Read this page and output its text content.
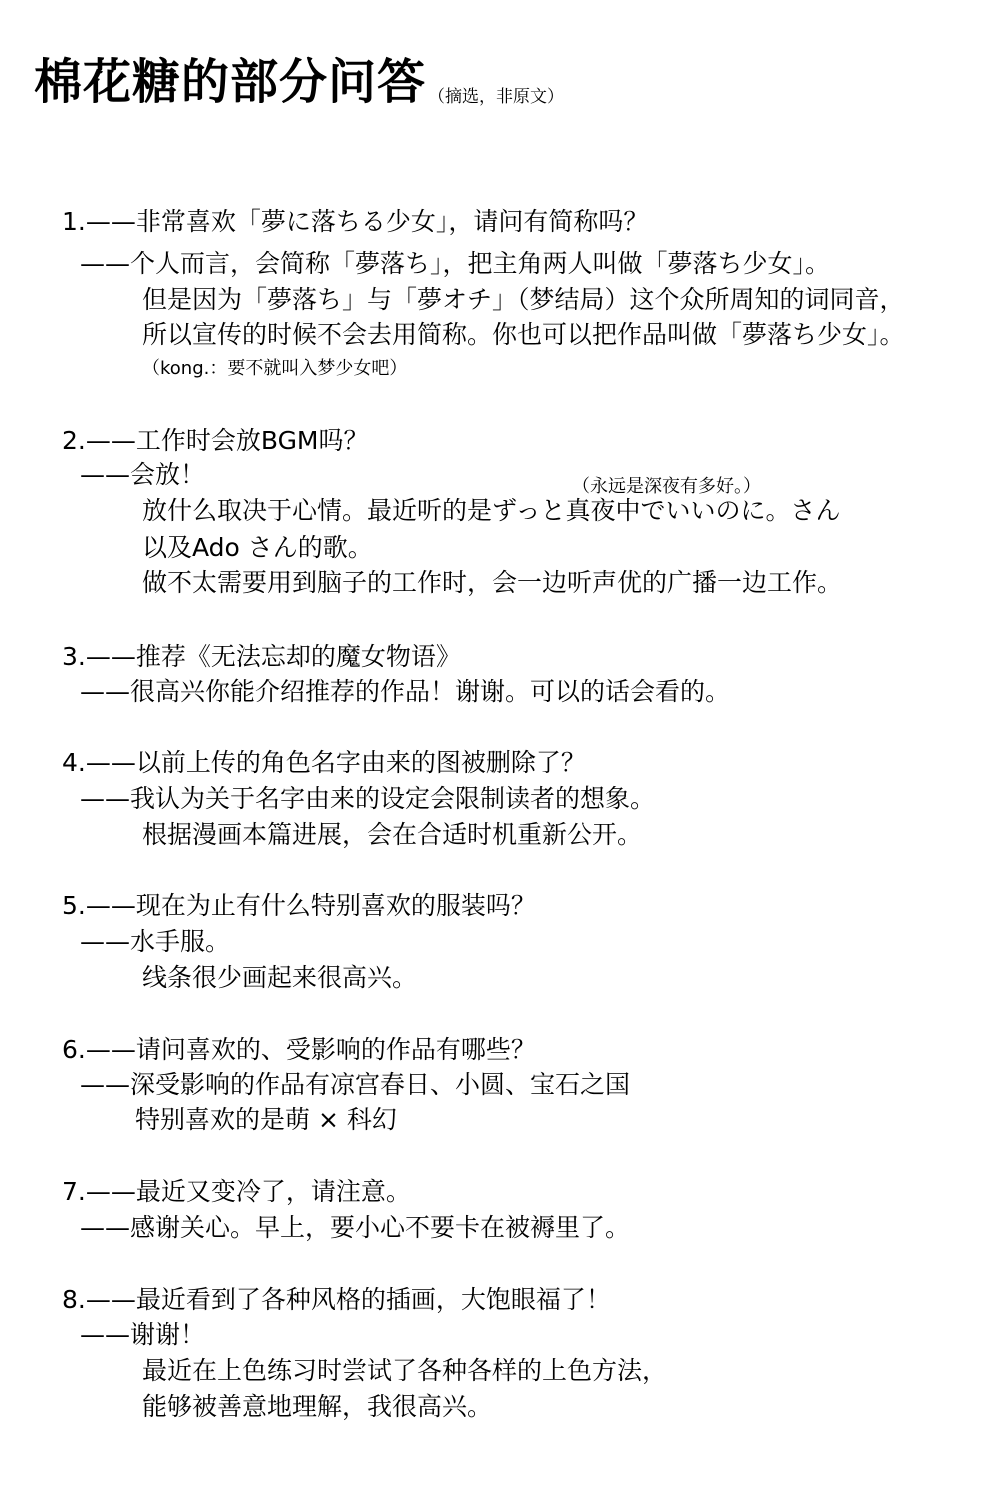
棉花糖的部分问答 （摘选，非原文）
1.——非常喜欢「夢に落ちる少女」，请问有简称吗？
——个人而言，会简称「夢落ち」，把主角两人叫做「夢落ち少女」。
但是因为「夢落ち」与「夢オチ」（梦结局）这个众所周知的词同音，
所以宣传的时候不会去用简称。你也可以把作品叫做「夢落ち少女」。
（kong.：要不就叫入梦少女吧）
2.——工作时会放BGM吗？
——会放！	（永远是深夜有多好。）
放什么取决于心情。最近听的是ずっと真夜中でいいのに。さん
以及Ado さん的歌。
做不太需要用到脑子的工作时，会一边听声优的广播一边工作。
3.——推荐《无法忘却的魔女物语》
——很高兴你能介绍推荐的作品！谢谢。可以的话会看的。
4.——以前上传的角色名字由来的图被删除了？
——我认为关于名字由来的设定会限制读者的想象。
根据漫画本篇进展，会在合适时机重新公开。
5.——现在为止有什么特别喜欢的服装吗？
——水手服。
线条很少画起来很高兴。
6.——请问喜欢的、受影响的作品有哪些？
——深受影响的作品有凉宫春日、小圆、宝石之国
特别喜欢的是萌 × 科幻
7.——最近又变冷了，请注意。
——感谢关心。早上，要小心不要卡在被褥里了。
8.——最近看到了各种风格的插画，大饱眼福了！
——谢谢！
最近在上色练习时尝试了各种各样的上色方法，
能够被善意地理解，我很高兴。
